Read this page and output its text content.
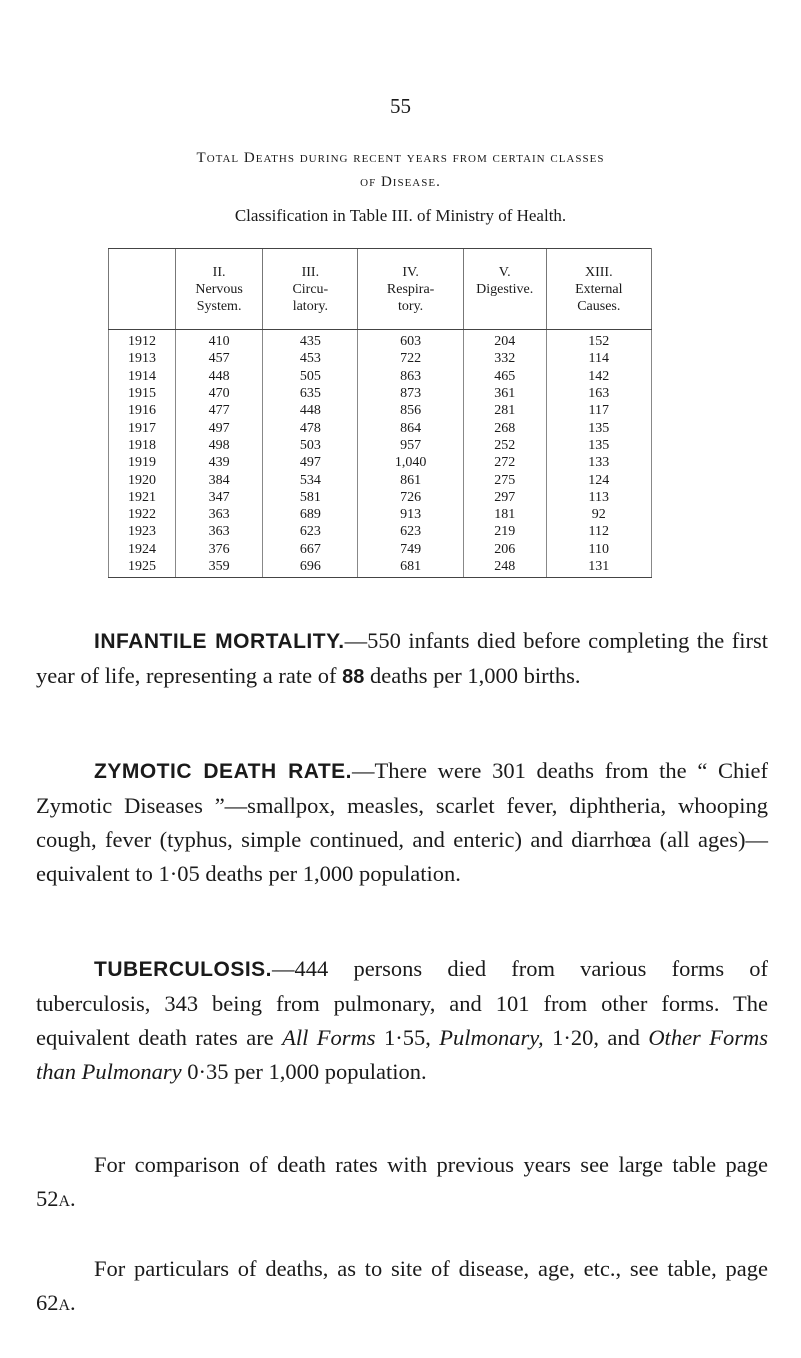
55
Total Deaths during recent years from certain classes
of Disease.
Classification in Table III. of Ministry of Health.

	II.
Nervous
System.	III.
Circu-
latory.	IV.
Respira-
tory.	V.
Digestive.	XIII.
External
Causes.

1912	410	435	603	204	152
1913	457	453	722	332	114
1914	448	505	863	465	142
1915	470	635	873	361	163
1916	477	448	856	281	117
1917	497	478	864	268	135
1918	498	503	957	252	135
1919	439	497	1,040	272	133
1920	384	534	861	275	124
1921	347	581	726	297	113
1922	363	689	913	181	92
1923	363	623	623	219	112
1924	376	667	749	206	110
1925	359	696	681	248	131
INFANTILE MORTALITY.—550 infants died before completing the first year of life, representing a rate of 88 deaths per 1,000 births.
ZYMOTIC DEATH RATE.—There were 301 deaths from the “ Chief Zymotic Diseases ”—smallpox, measles, scarlet fever, diphtheria, whooping cough, fever (typhus, simple continued, and enteric) and diarrhœa (all ages)—equivalent to 1·05 deaths per 1,000 population.
TUBERCULOSIS.—444 persons died from various forms of tuberculosis, 343 being from pulmonary, and 101 from other forms. The equivalent death rates are All Forms 1·55, Pulmonary, 1·20, and Other Forms than Pulmonary 0·35 per 1,000 population.
For comparison of death rates with previous years see large table page 52a.
For particulars of deaths, as to site of disease, age, etc., see table, page 62a.
